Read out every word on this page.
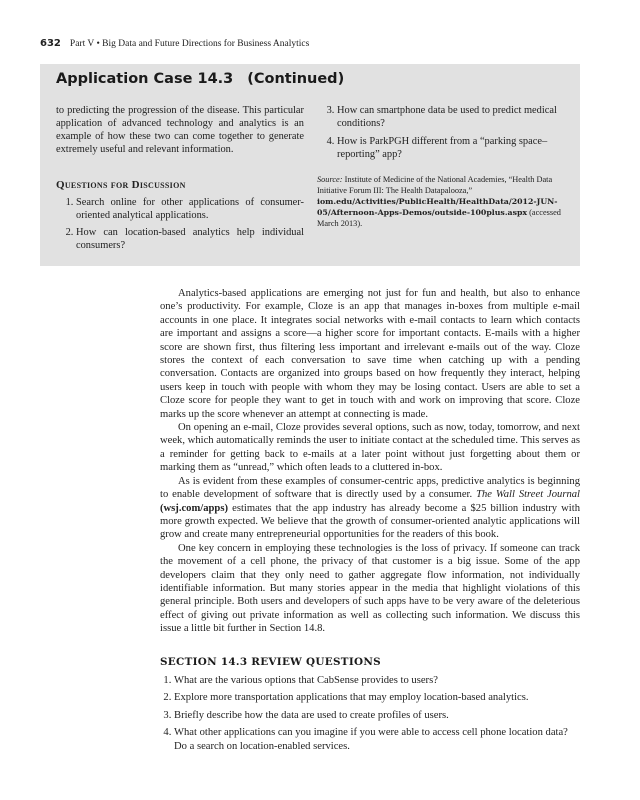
632 Part V • Big Data and Future Directions for Business Analytics
Application Case 14.3 (Continued)
to predicting the progression of the disease. This particular application of advanced technology and analytics is an example of how these two can come together to generate extremely useful and relevant information.
Questions for Discussion
1. Search online for other applications of consumer-oriented analytical applications.
2. How can location-based analytics help individual consumers?
3. How can smartphone data be used to predict medical conditions?
4. How is ParkPGH different from a “parking space–reporting” app?
Source: Institute of Medicine of the National Academies, “Health Data Initiative Forum III: The Health Datapalooza,” iom.edu/Activities/PublicHealth/HealthData/2012-JUN-05/Afternoon-Apps-Demos/outside-100plus.aspx (accessed March 2013).

Analytics-based applications are emerging not just for fun and health, but also to enhance one’s productivity. For example, Cloze is an app that manages in-boxes from multiple e-mail accounts in one place. It integrates social networks with e-mail contacts to learn which contacts are important and assigns a score—a higher score for important contacts. E-mails with a higher score are shown first, thus filtering less important and irrelevant e-mails out of the way. Cloze stores the context of each conversation to save time when catching up with a pending conversation. Contacts are organized into groups based on how frequently they interact, helping users keep in touch with people with whom they may be losing contact. Users are able to set a Cloze score for people they want to get in touch with and work on improving that score. Cloze marks up the score whenever an attempt at connecting is made.

On opening an e-mail, Cloze provides several options, such as now, today, tomorrow, and next week, which automatically reminds the user to initiate contact at the scheduled time. This serves as a reminder for getting back to e-mails at a later point without just forgetting about them or marking them as “unread,” which often leads to a cluttered in-box.

As is evident from these examples of consumer-centric apps, predictive analytics is beginning to enable development of software that is directly used by a consumer. The Wall Street Journal (wsj.com/apps) estimates that the app industry has already become a $25 billion industry with more growth expected. We believe that the growth of consumer-oriented analytic applications will grow and create many entrepreneurial opportunities for the readers of this book.

One key concern in employing these technologies is the loss of privacy. If someone can track the movement of a cell phone, the privacy of that customer is a big issue. Some of the app developers claim that they only need to gather aggregate flow information, not individually identifiable information. But many stories appear in the media that highlight violations of this general principle. Both users and developers of such apps have to be very aware of the deleterious effect of giving out private information as well as collecting such information. We discuss this issue a little bit further in Section 14.8.

SECTION 14.3 REVIEW QUESTIONS
1. What are the various options that CabSense provides to users?
2. Explore more transportation applications that may employ location-based analytics.
3. Briefly describe how the data are used to create profiles of users.
4. What other applications can you imagine if you were able to access cell phone location data? Do a search on location-enabled services.
